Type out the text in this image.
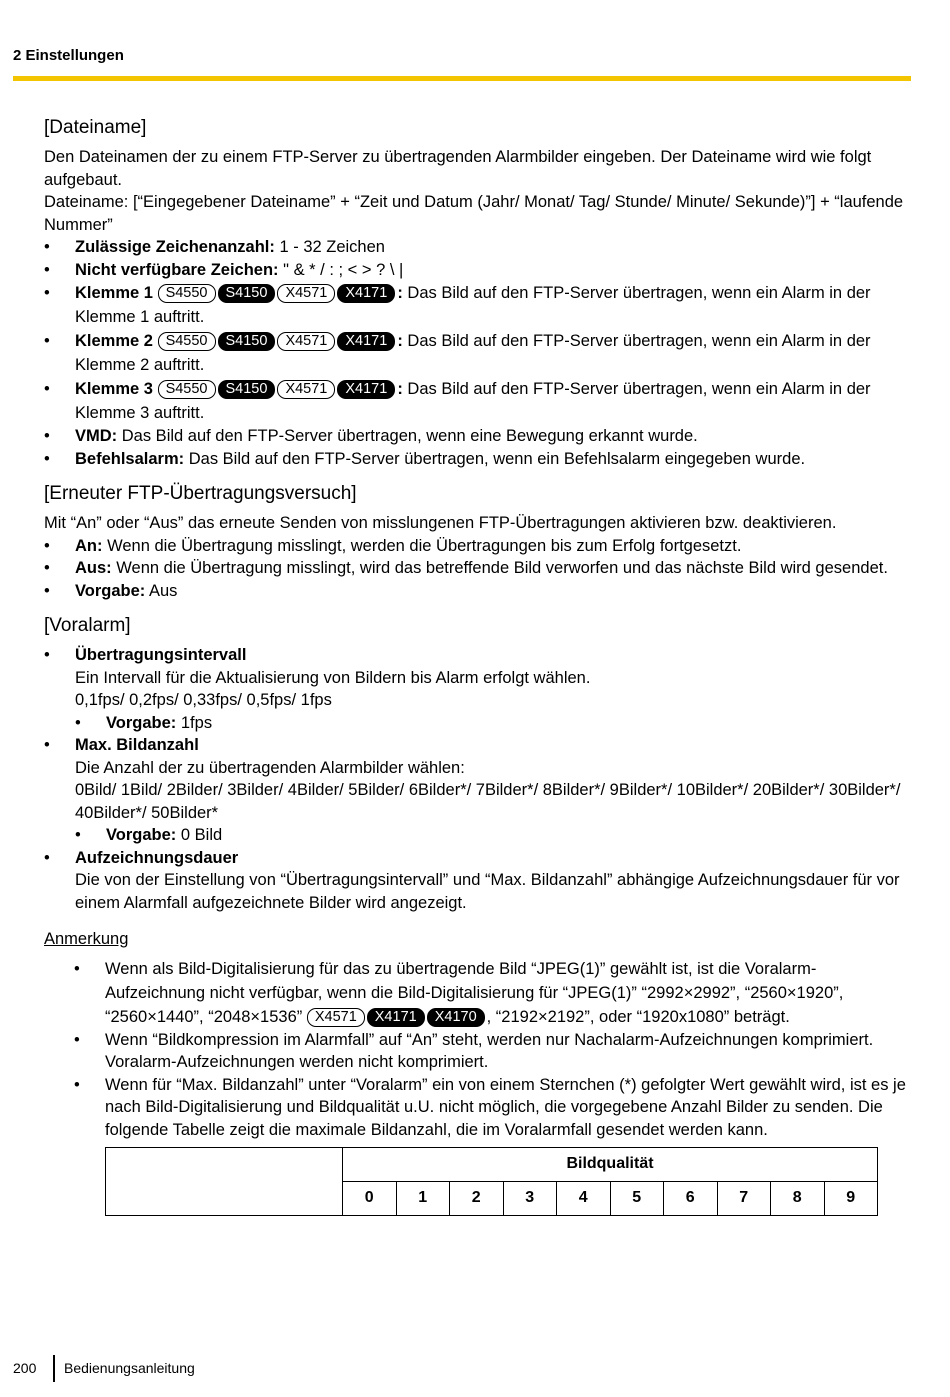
2 Einstellungen
[Dateiname]

Den Dateinamen der zu einem FTP-Server zu übertragenden Alarmbilder eingeben. Der Dateiname wird wie folgt aufgebaut.

Dateiname: [“Eingegebener Dateiname” + “Zeit und Datum (Jahr/ Monat/ Tag/ Stunde/ Minute/ Sekunde)”] + “laufende Nummer”

• Zulässige Zeichenanzahl: 1 - 32 Zeichen
• Nicht verfügbare Zeichen: " & * / : ; < > ? \ |
• Klemme 1 S4550 S4150 X4571 X4171 : Das Bild auf den FTP-Server übertragen, wenn ein Alarm in der Klemme 1 auftritt.
• Klemme 2 S4550 S4150 X4571 X4171 : Das Bild auf den FTP-Server übertragen, wenn ein Alarm in der Klemme 2 auftritt.
• Klemme 3 S4550 S4150 X4571 X4171 : Das Bild auf den FTP-Server übertragen, wenn ein Alarm in der Klemme 3 auftritt.
• VMD: Das Bild auf den FTP-Server übertragen, wenn eine Bewegung erkannt wurde.
• Befehlsalarm: Das Bild auf den FTP-Server übertragen, wenn ein Befehlsalarm eingegeben wurde.
[Erneuter FTP-Übertragungsversuch]

Mit “An” oder “Aus” das erneute Senden von misslungenen FTP-Übertragungen aktivieren bzw. deaktivieren.

• An: Wenn die Übertragung misslingt, werden die Übertragungen bis zum Erfolg fortgesetzt.
• Aus: Wenn die Übertragung misslingt, wird das betreffende Bild verworfen und das nächste Bild wird gesendet.
• Vorgabe: Aus
[Voralarm]
• Übertragungsintervall

Ein Intervall für die Aktualisierung von Bildern bis Alarm erfolgt wählen.

0,1fps/ 0,2fps/ 0,33fps/ 0,5fps/ 1fps

• Vorgabe: 1fps
• Max. Bildanzahl

Die Anzahl der zu übertragenden Alarmbilder wählen:

0Bild/ 1Bild/ 2Bilder/ 3Bilder/ 4Bilder/ 5Bilder/ 6Bilder*/ 7Bilder*/ 8Bilder*/ 9Bilder*/ 10Bilder*/ 20Bilder*/ 30Bilder*/ 40Bilder*/ 50Bilder*

• Vorgabe: 0 Bild
• Aufzeichnungsdauer

Die von der Einstellung von “Übertragungsintervall” und “Max. Bildanzahl” abhängige Aufzeichnungsdauer für vor einem Alarmfall aufgezeichnete Bilder wird angezeigt.

Anmerkung

• Wenn als Bild-Digitalisierung für das zu übertragende Bild “JPEG(1)” gewählt ist, ist die Voralarm-Aufzeichnung nicht verfügbar, wenn die Bild-Digitalisierung für “JPEG(1)” “2992×2992”, “2560×1920”, “2560×1440”, “2048×1536” X4571 X4171 X4170 , “2192×2192”, oder “1920x1080” beträgt.
• Wenn “Bildkompression im Alarmfall” auf “An” steht, werden nur Nachalarm-Aufzeichnungen komprimiert. Voralarm-Aufzeichnungen werden nicht komprimiert.
• Wenn für “Max. Bildanzahl” unter “Voralarm” ein von einem Sternchen (*) gefolgter Wert gewählt wird, ist es je nach Bild-Digitalisierung und Bildqualität u.U. nicht möglich, die vorgegebene Anzahl Bilder zu senden. Die folgende Tabelle zeigt die maximale Bildanzahl, die im Voralarmfall gesendet werden kann.
	Bildqualität									
	0	1	2	3	4	5	6	7	8	9
200 Bedienungsanleitung
